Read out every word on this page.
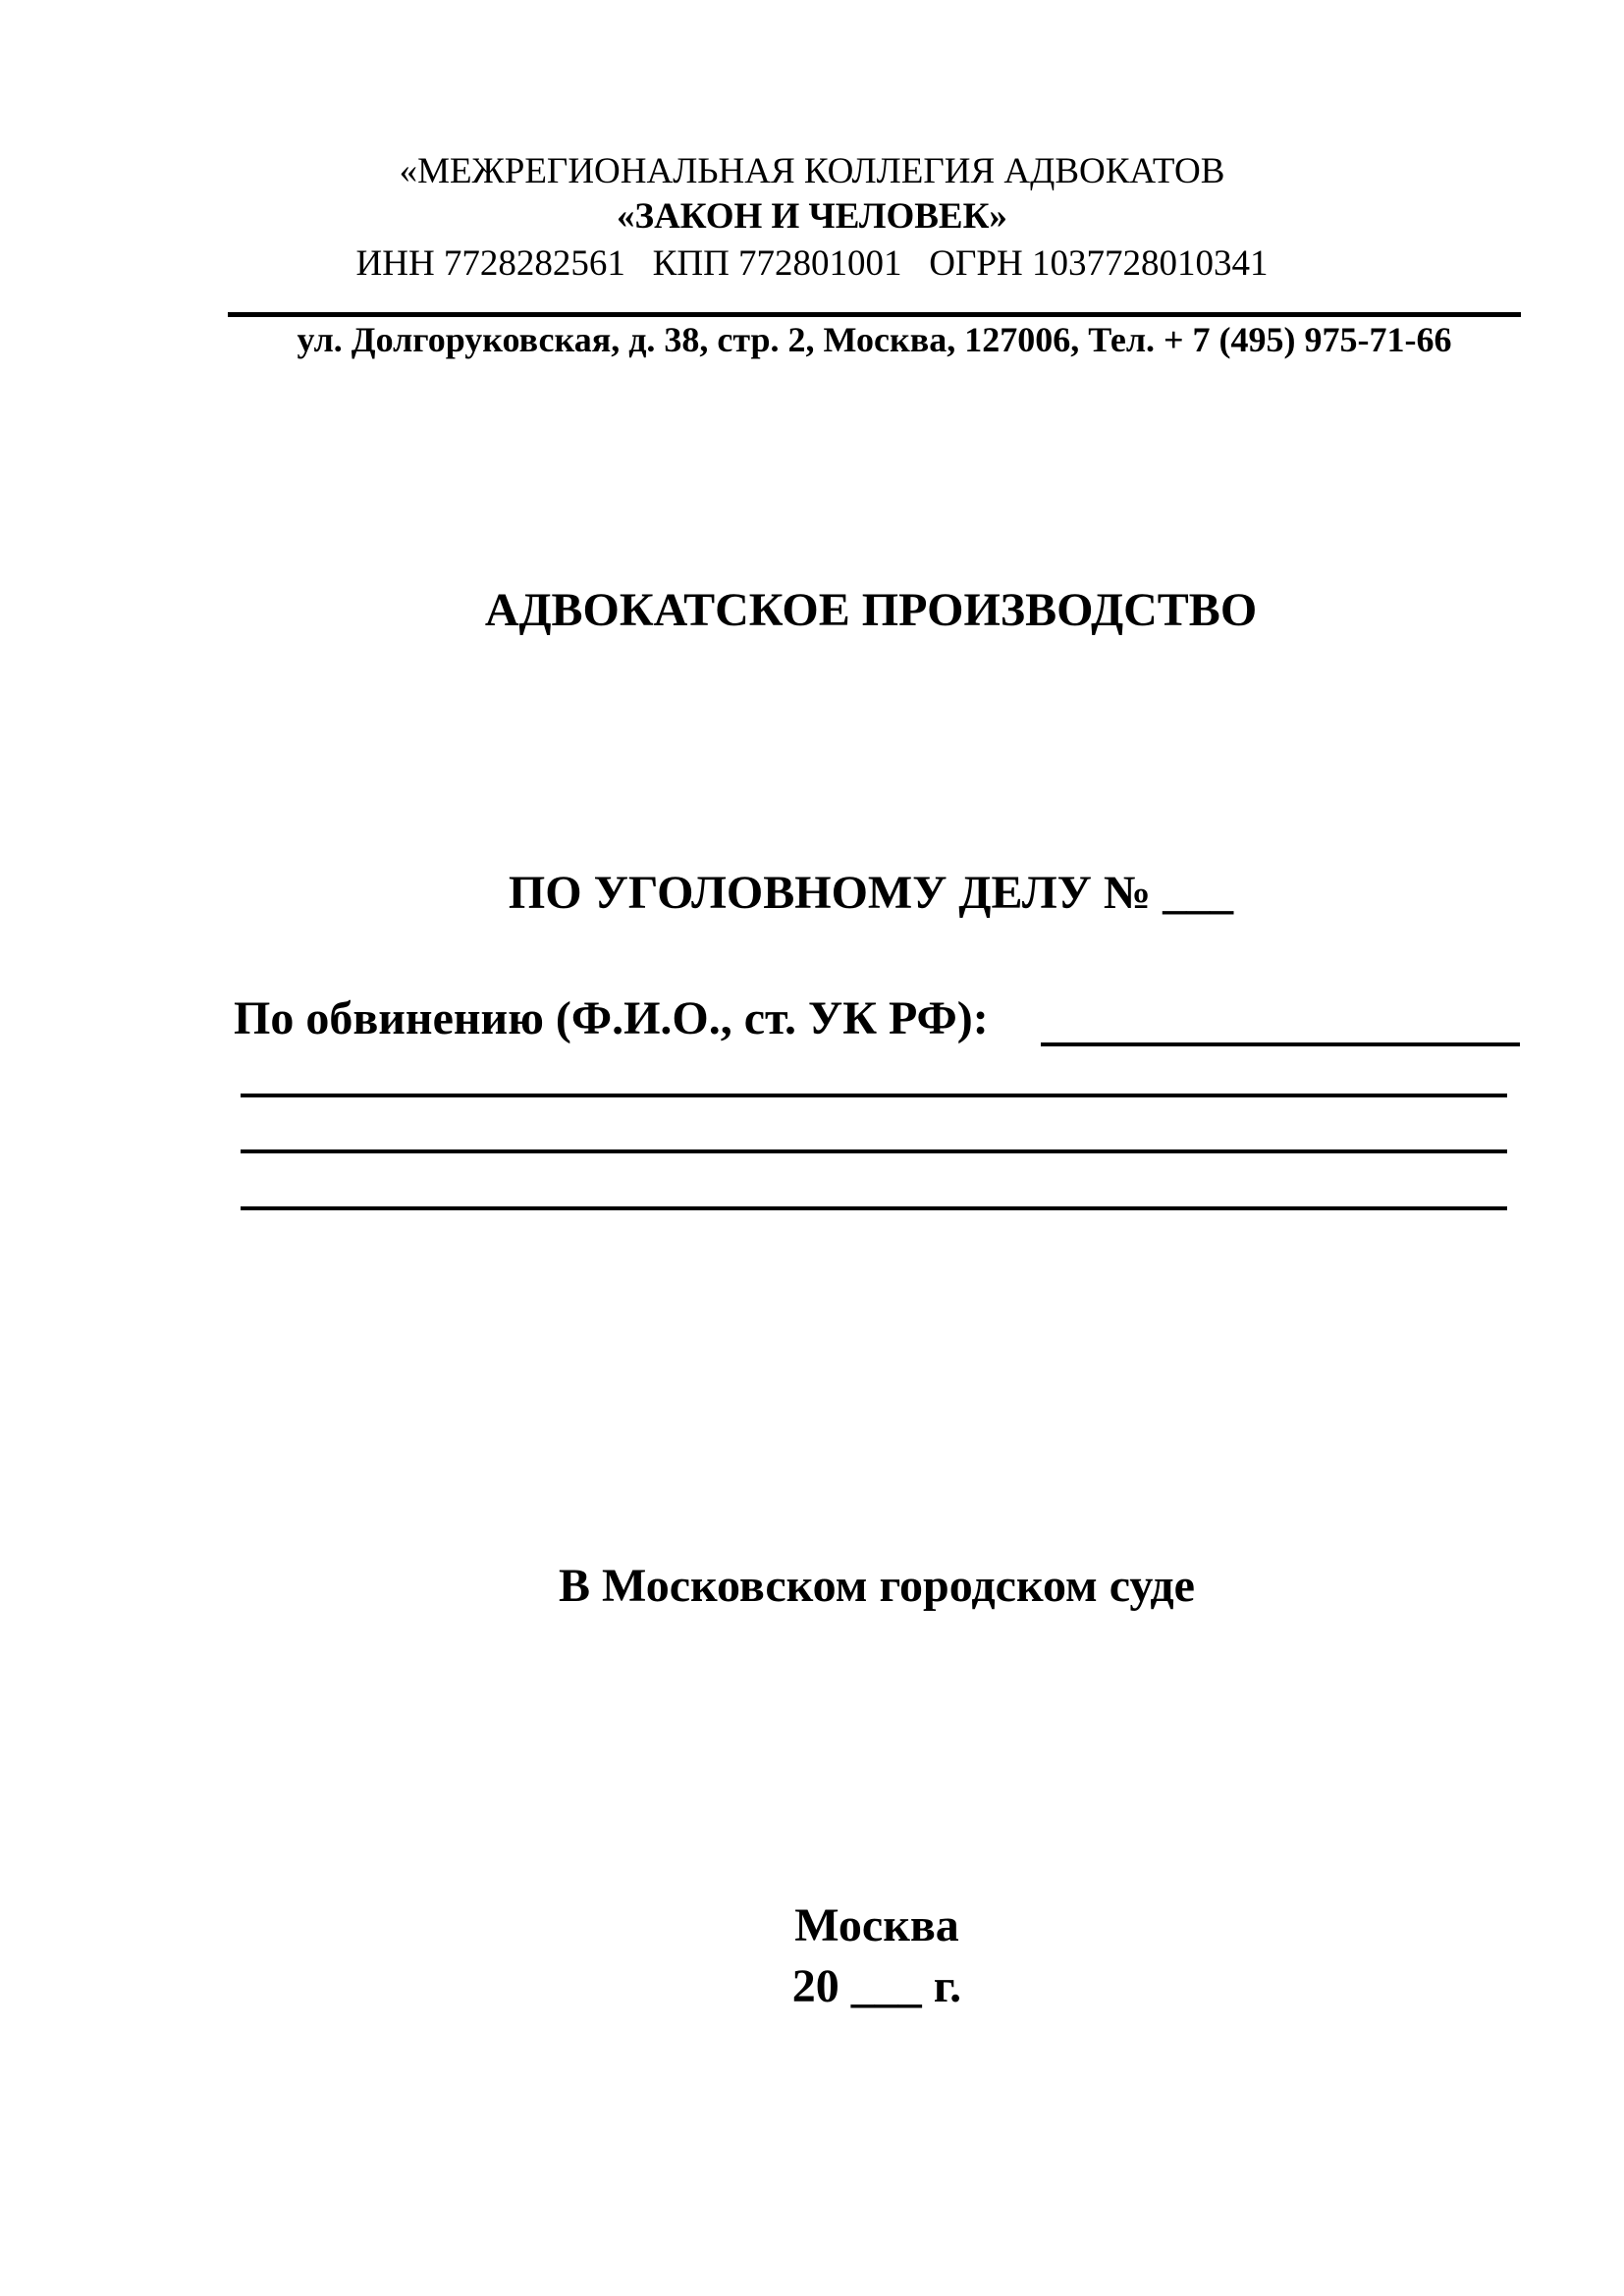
«МЕЖРЕГИОНАЛЬНАЯ КОЛЛЕГИЯ АДВОКАТОВ
«ЗАКОН И ЧЕЛОВЕК»
ИНН 7728282561   КПП 772801001   ОГРН 1037728010341
ул. Долгоруковская, д. 38, стр. 2, Москва, 127006, Тел. + 7 (495) 975-71-66
АДВОКАТСКОЕ ПРОИЗВОДСТВО
ПО УГОЛОВНОМУ ДЕЛУ № ___
По обвинению (Ф.И.О., ст. УК РФ):
В Московском городском суде
Москва
20 ___ г.
